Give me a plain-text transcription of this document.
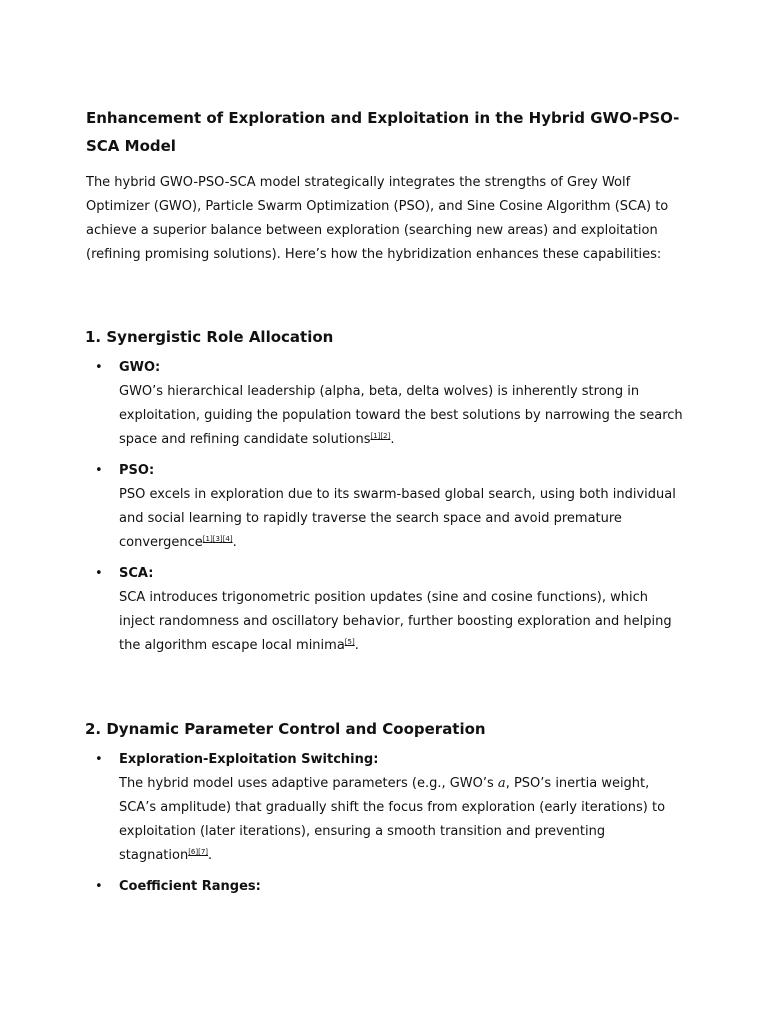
Enhancement of Exploration and Exploitation in the Hybrid GWO-PSO-SCA Model

The hybrid GWO-PSO-SCA model strategically integrates the strengths of Grey Wolf Optimizer (GWO), Particle Swarm Optimization (PSO), and Sine Cosine Algorithm (SCA) to achieve a superior balance between exploration (searching new areas) and exploitation (refining promising solutions). Here’s how the hybridization enhances these capabilities:

1. Synergistic Role Allocation
• GWO:

GWO’s hierarchical leadership (alpha, beta, delta wolves) is inherently strong in exploitation, guiding the population toward the best solutions by narrowing the search space and refining candidate solutions[1][2].

• PSO:

PSO excels in exploration due to its swarm-based global search, using both individual and social learning to rapidly traverse the search space and avoid premature convergence[1][3][4].

• SCA:

SCA introduces trigonometric position updates (sine and cosine functions), which inject randomness and oscillatory behavior, further boosting exploration and helping the algorithm escape local minima[5].

2. Dynamic Parameter Control and Cooperation
• Exploration-Exploitation Switching:

The hybrid model uses adaptive parameters (e.g., GWO’s a, PSO’s inertia weight, SCA’s amplitude) that gradually shift the focus from exploration (early iterations) to exploitation (later iterations), ensuring a smooth transition and preventing stagnation[6][7].

• Coefficient Ranges:
